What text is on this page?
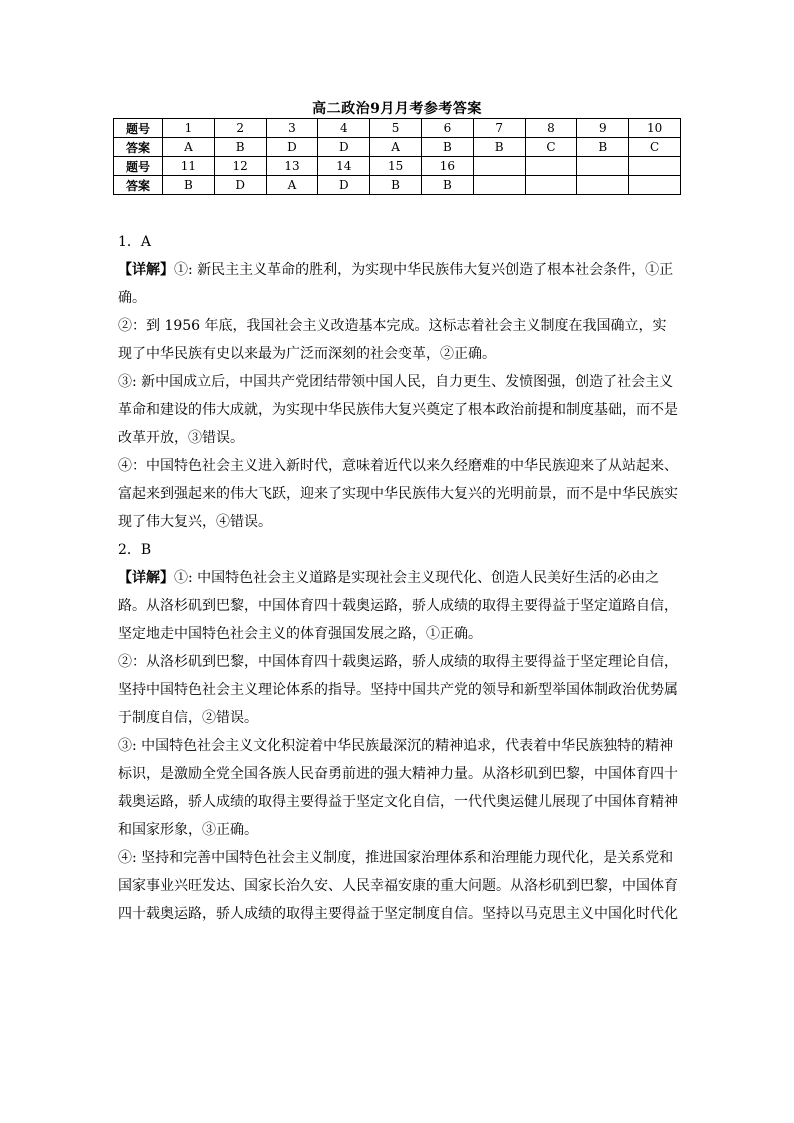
高二政治9月月考参考答案
题号	1	2	3	4	5	6	7	8	9	10
答案	A	B	D	D	A	B	B	C	B	C
题号	11	12	13	14	15	16				
答案	B	D	A	D	B	B				

1．A

【详解】①: 新民主主义革命的胜利，为实现中华民族伟大复兴创造了根本社会条件，①正确。

②：到 1956 年底，我国社会主义改造基本完成。这标志着社会主义制度在我国确立，实现了中华民族有史以来最为广泛而深刻的社会变革，②正确。

③: 新中国成立后，中国共产党团结带领中国人民，自力更生、发愤图强，创造了社会主义革命和建设的伟大成就，为实现中华民族伟大复兴奠定了根本政治前提和制度基础，而不是改革开放，③错误。

④：中国特色社会主义进入新时代，意味着近代以来久经磨难的中华民族迎来了从站起来、富起来到强起来的伟大飞跃，迎来了实现中华民族伟大复兴的光明前景，而不是中华民族实现了伟大复兴，④错误。

2．B

【详解】①: 中国特色社会主义道路是实现社会主义现代化、创造人民美好生活的必由之路。从洛杉矶到巴黎，中国体育四十载奥运路，骄人成绩的取得主要得益于坚定道路自信，坚定地走中国特色社会主义的体育强国发展之路，①正确。

②：从洛杉矶到巴黎，中国体育四十载奥运路，骄人成绩的取得主要得益于坚定理论自信，坚持中国特色社会主义理论体系的指导。坚持中国共产党的领导和新型举国体制政治优势属于制度自信，②错误。

③: 中国特色社会主义文化积淀着中华民族最深沉的精神追求，代表着中华民族独特的精神标识，是激励全党全国各族人民奋勇前进的强大精神力量。从洛杉矶到巴黎，中国体育四十载奥运路，骄人成绩的取得主要得益于坚定文化自信，一代代奥运健儿展现了中国体育精神和国家形象，③正确。

④: 坚持和完善中国特色社会主义制度，推进国家治理体系和治理能力现代化，是关系党和国家事业兴旺发达、国家长治久安、人民幸福安康的重大问题。从洛杉矶到巴黎，中国体育四十载奥运路，骄人成绩的取得主要得益于坚定制度自信。坚持以马克思主义中国化时代化
